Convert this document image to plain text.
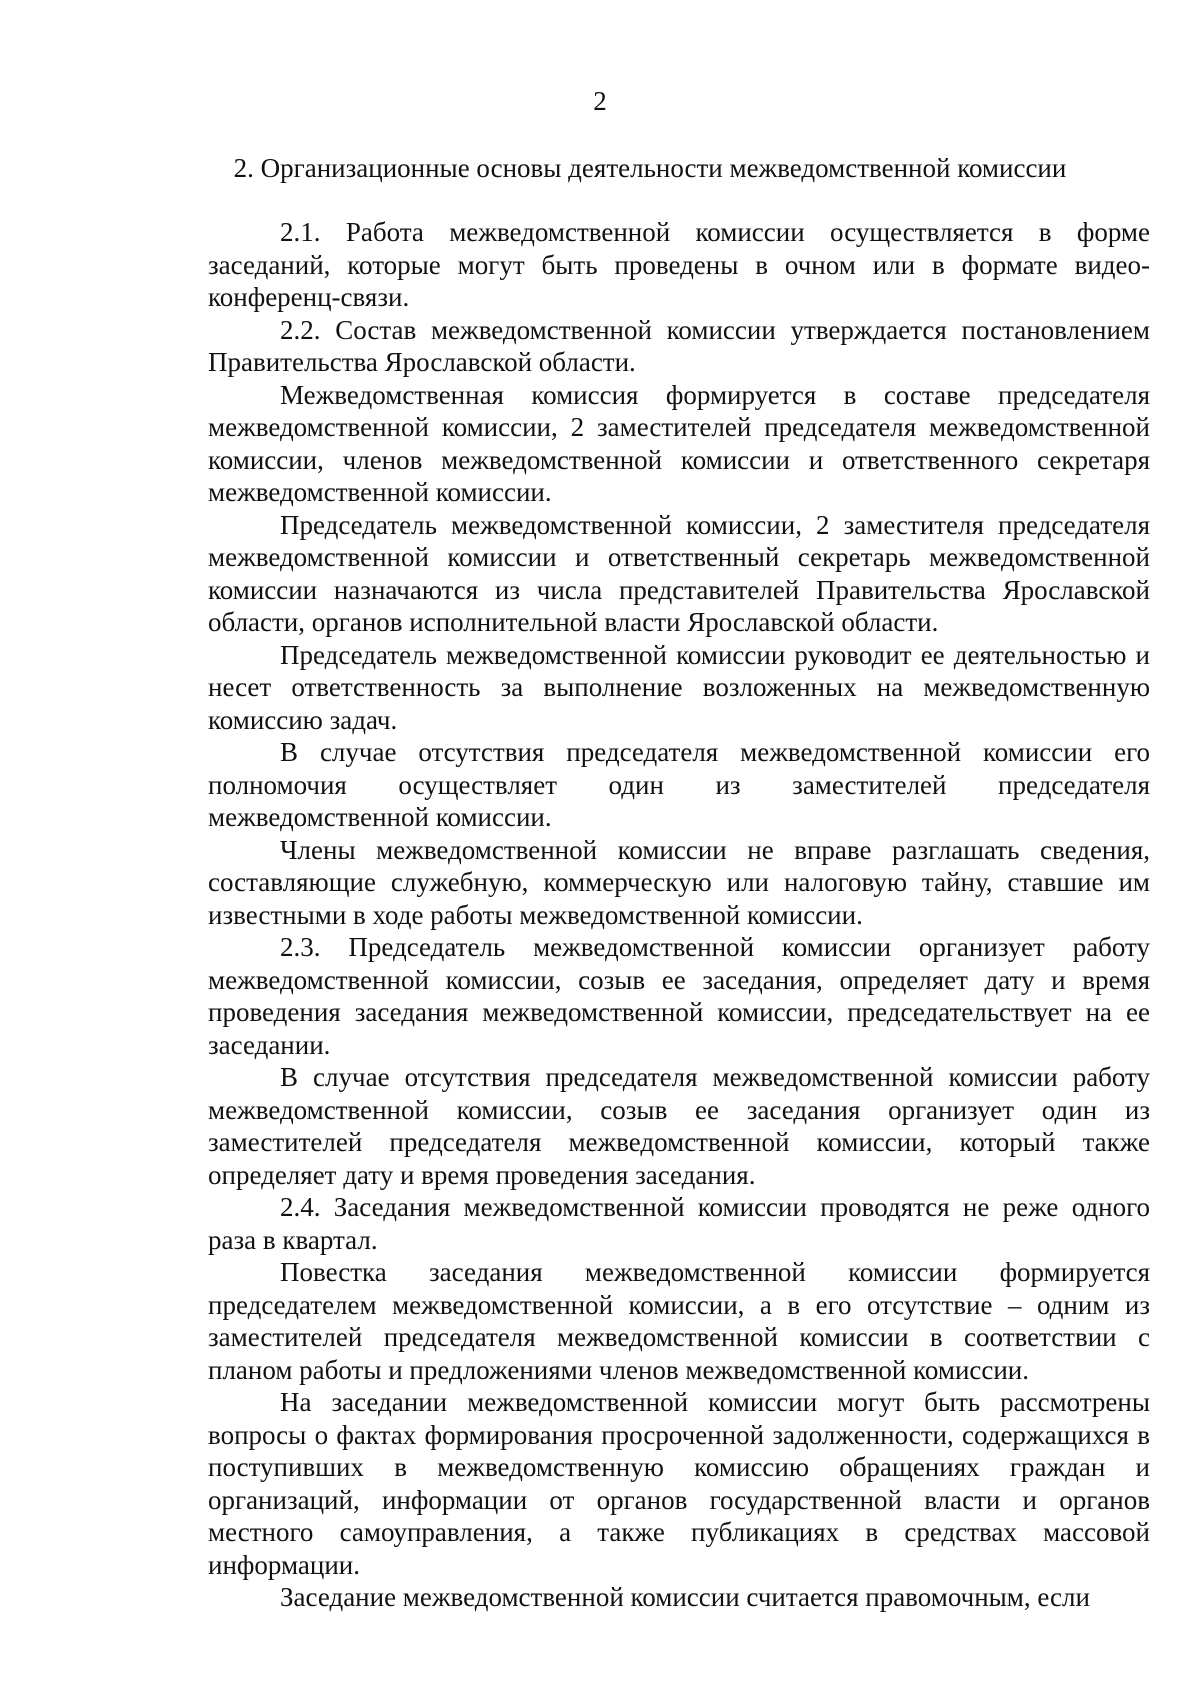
2
2. Организационные основы деятельности межведомственной комиссии

2.1. Работа межведомственной комиссии осуществляется в форме заседаний, которые могут быть проведены в очном или в формате видео-конференц-связи.

2.2. Состав межведомственной комиссии утверждается постановлением Правительства Ярославской области.

Межведомственная комиссия формируется в составе председателя межведомственной комиссии, 2 заместителей председателя межведомственной комиссии, членов межведомственной комиссии и ответственного секретаря межведомственной комиссии.

Председатель межведомственной комиссии, 2 заместителя председателя межведомственной комиссии и ответственный секретарь межведомственной комиссии назначаются из числа представителей Правительства Ярославской области, органов исполнительной власти Ярославской области.

Председатель межведомственной комиссии руководит ее деятельностью и несет ответственность за выполнение возложенных на межведомственную комиссию задач.

В случае отсутствия председателя межведомственной комиссии его полномочия осуществляет один из заместителей председателя межведомственной комиссии.

Члены межведомственной комиссии не вправе разглашать сведения, составляющие служебную, коммерческую или налоговую тайну, ставшие им известными в ходе работы межведомственной комиссии.

2.3. Председатель межведомственной комиссии организует работу межведомственной комиссии, созыв ее заседания, определяет дату и время проведения заседания межведомственной комиссии, председательствует на ее заседании.

В случае отсутствия председателя межведомственной комиссии работу межведомственной комиссии, созыв ее заседания организует один из заместителей председателя межведомственной комиссии, который также определяет дату и время проведения заседания.

2.4. Заседания межведомственной комиссии проводятся не реже одного раза в квартал.

Повестка заседания межведомственной комиссии формируется председателем межведомственной комиссии, а в его отсутствие – одним из заместителей председателя межведомственной комиссии в соответствии с планом работы и предложениями членов межведомственной комиссии.

На заседании межведомственной комиссии могут быть рассмотрены вопросы о фактах формирования просроченной задолженности, содержащихся в поступивших в межведомственную комиссию обращениях граждан и организаций, информации от органов государственной власти и органов местного самоуправления, а также публикациях в средствах массовой информации.

Заседание межведомственной комиссии считается правомочным, если
